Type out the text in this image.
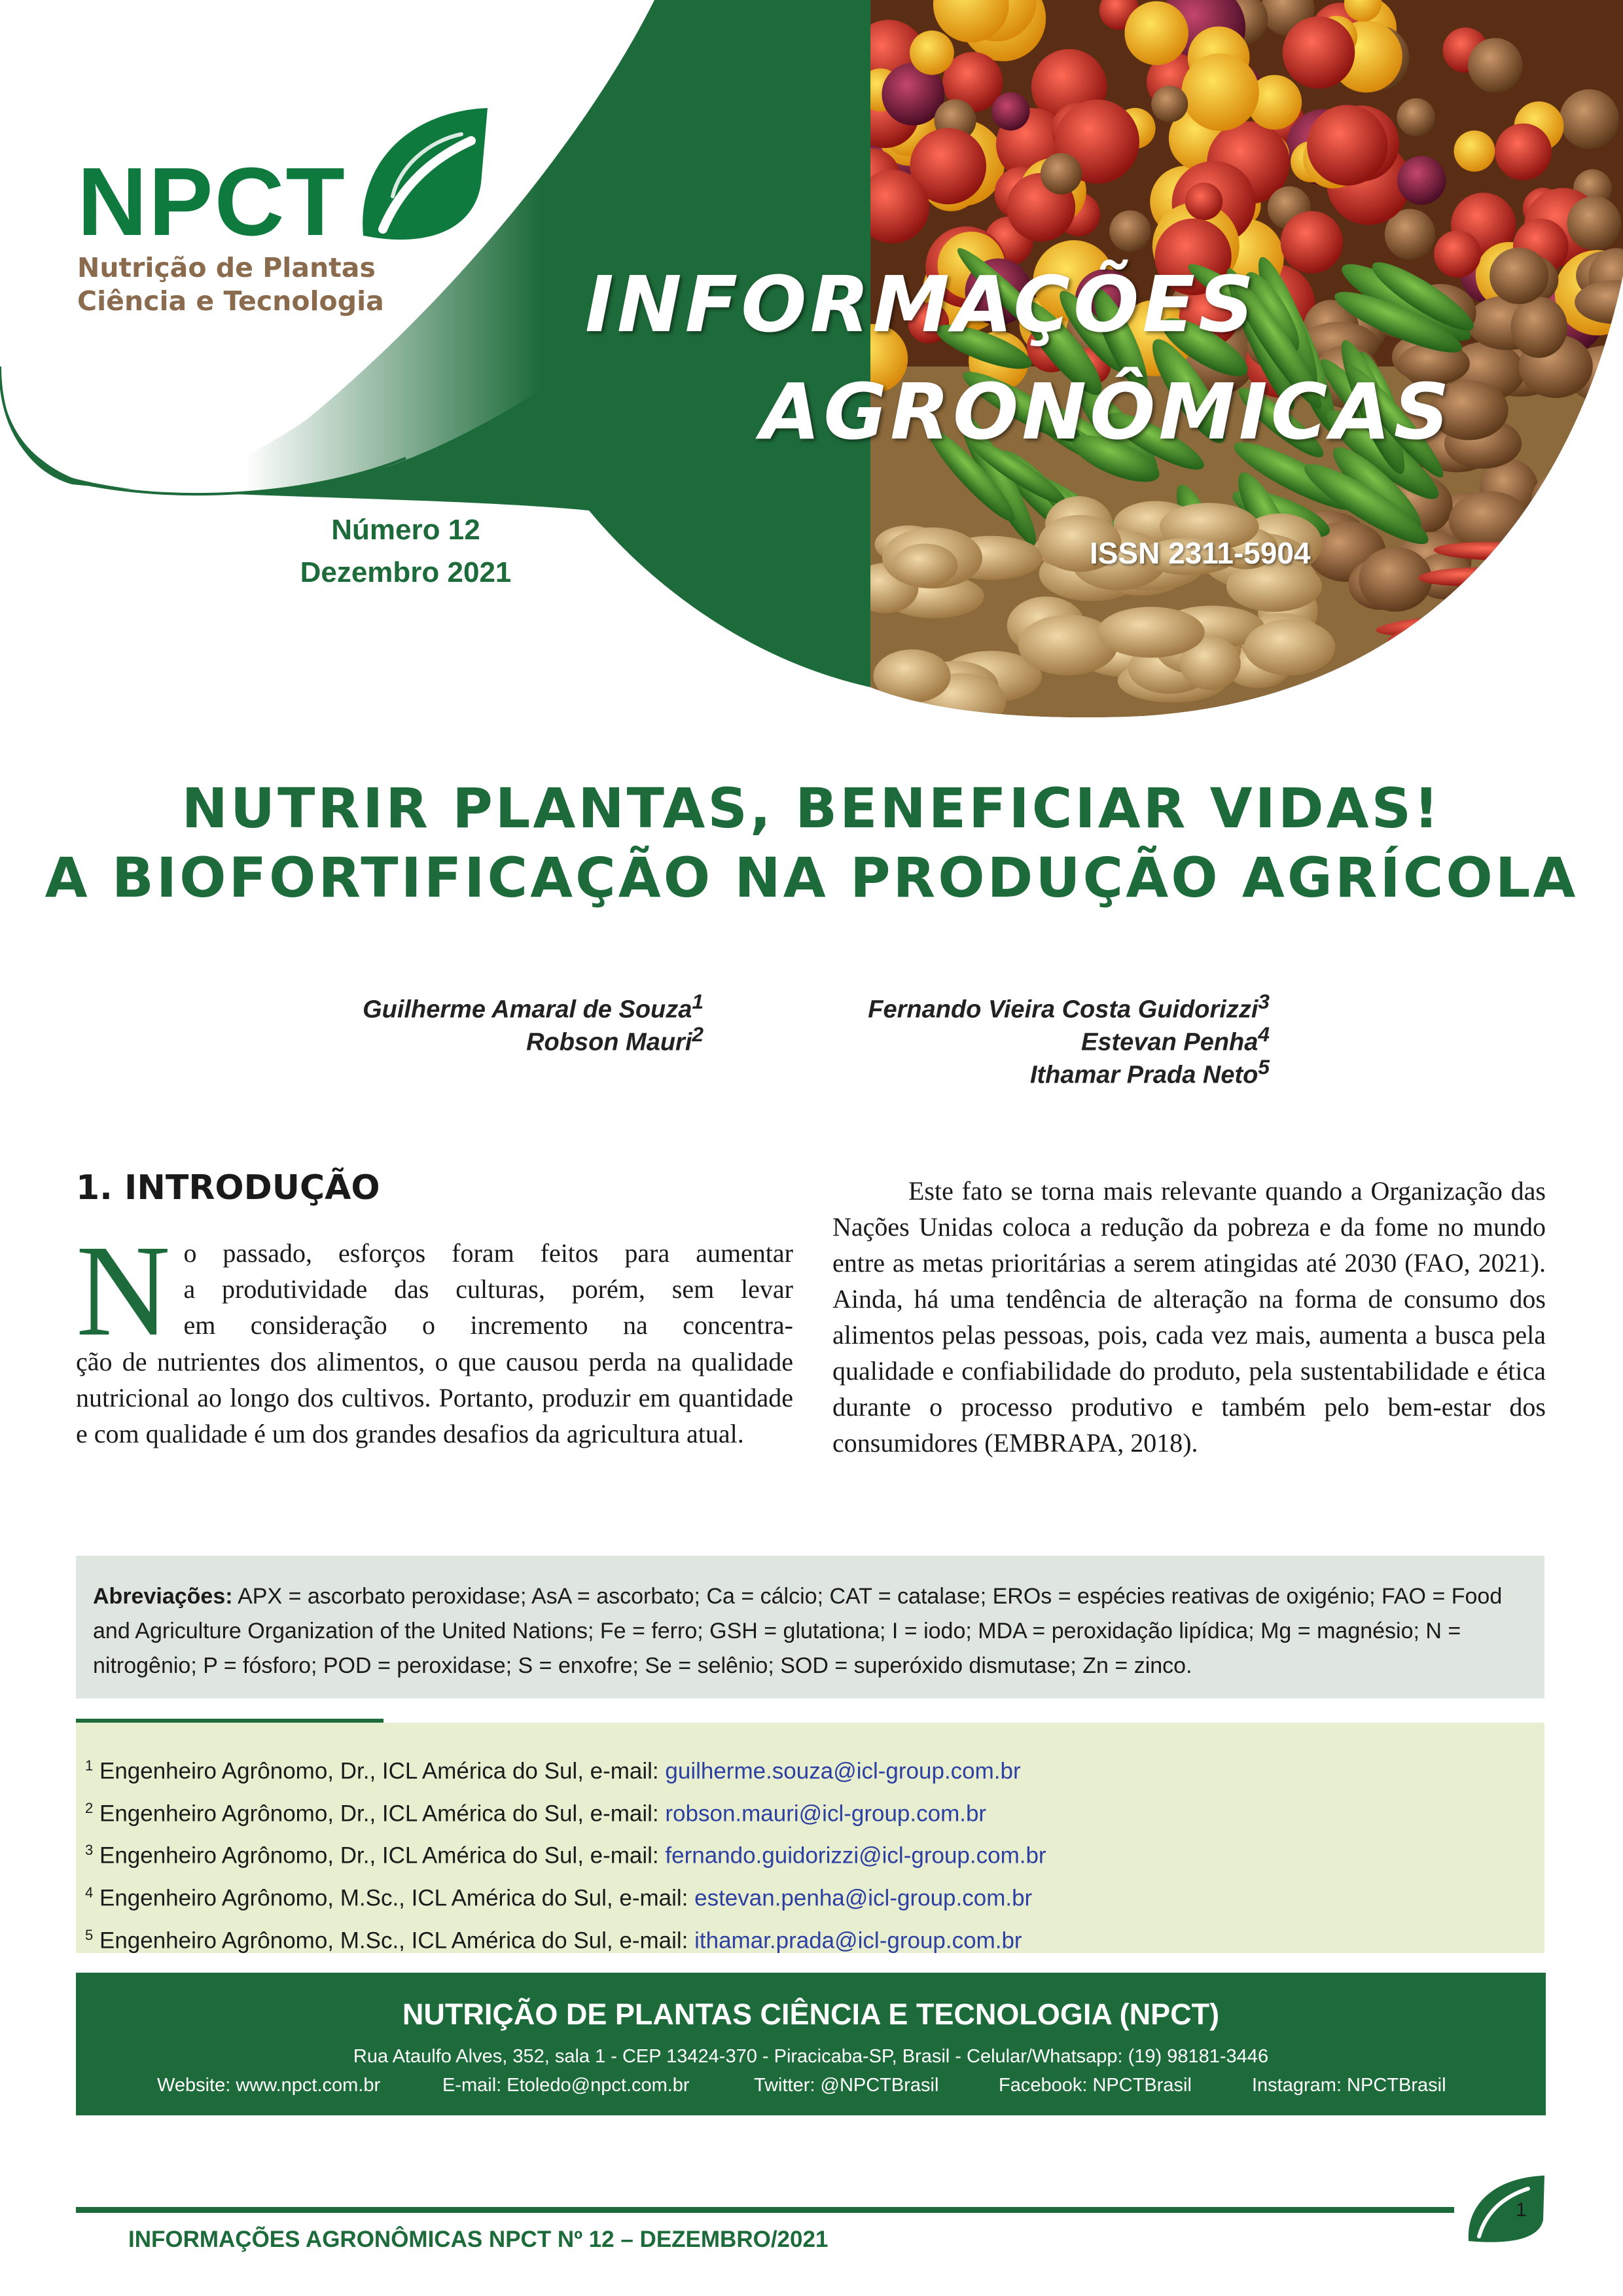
NPCT
Nutrição de Plantas
Ciência e Tecnologia	INFORMAÇÕES
AGRONÔMICAS
Número 12
Dezembro 2021
ISSN 2311-5904
NUTRIR PLANTAS, BENEFICIAR VIDAS!
A BIOFORTIFICAÇÃO NA PRODUÇÃO AGRÍCOLA
Guilherme Amaral de Souza$^1$
Robson Mauri$^2$
Fernando Vieira Costa Guidorizzi$^3$
Estevan Penha$^4$
Ithamar Prada Neto$^5$
1. INTRODUÇÃO
N o passado, esforços foram feitos para aumentar
a produtividade das culturas, porém, sem levar
em consideração o incremento na concentra-
ção de nutrientes dos alimentos, o que causou perda na qualidade nutricional ao longo dos cultivos. Portanto, produzir em quantidade e com qualidade é um dos grandes desafios da agricultura atual.
Este fato se torna mais relevante quando a Organização das Nações Unidas coloca a redução da pobreza e da fome no mundo entre as metas prioritárias a serem atingidas até 2030 (FAO, 2021). Ainda, há uma tendência de alteração na forma de consumo dos alimentos pelas pessoas, pois, cada vez mais, aumenta a busca pela qualidade e confiabilidade do produto, pela sustentabilidade e ética durante o processo produtivo e também pelo bem-estar dos consumidores (EMBRAPA, 2018).
Abreviações: APX = ascorbato peroxidase; AsA = ascorbato; Ca = cálcio; CAT = catalase; EROs = espécies reativas de oxigénio; FAO = Food and Agriculture Organization of the United Nations; Fe = ferro; GSH = glutationa; I = iodo; MDA = peroxidação lipídica; Mg = magnésio; N = nitrogênio; P = fósforo; POD = peroxidase; S = enxofre; Se = selênio; SOD = superóxido dismutase; Zn = zinco.
$^1$ Engenheiro Agrônomo, Dr., ICL América do Sul, e-mail: guilherme.souza@icl-group.com.br
$^2$ Engenheiro Agrônomo, Dr., ICL América do Sul, e-mail: robson.mauri@icl-group.com.br
$^3$ Engenheiro Agrônomo, Dr., ICL América do Sul, e-mail: fernando.guidorizzi@icl-group.com.br
$^4$ Engenheiro Agrônomo, M.Sc., ICL América do Sul, e-mail: estevan.penha@icl-group.com.br
$^5$ Engenheiro Agrônomo, M.Sc., ICL América do Sul, e-mail: ithamar.prada@icl-group.com.br
NUTRIÇÃO DE PLANTAS CIÊNCIA E TECNOLOGIA (NPCT)
Rua Ataulfo Alves, 352, sala 1 - CEP 13424-370 - Piracicaba-SP, Brasil - Celular/Whatsapp: (19) 98181-3446
Website: www.npct.com.br	E-mail: Etoledo@npct.com.br	Twitter: @NPCTBrasil	Facebook: NPCTBrasil	Instagram: NPCTBrasil
1
INFORMAÇÕES AGRONÔMICAS NPCT Nº 12 – DEZEMBRO/2021
